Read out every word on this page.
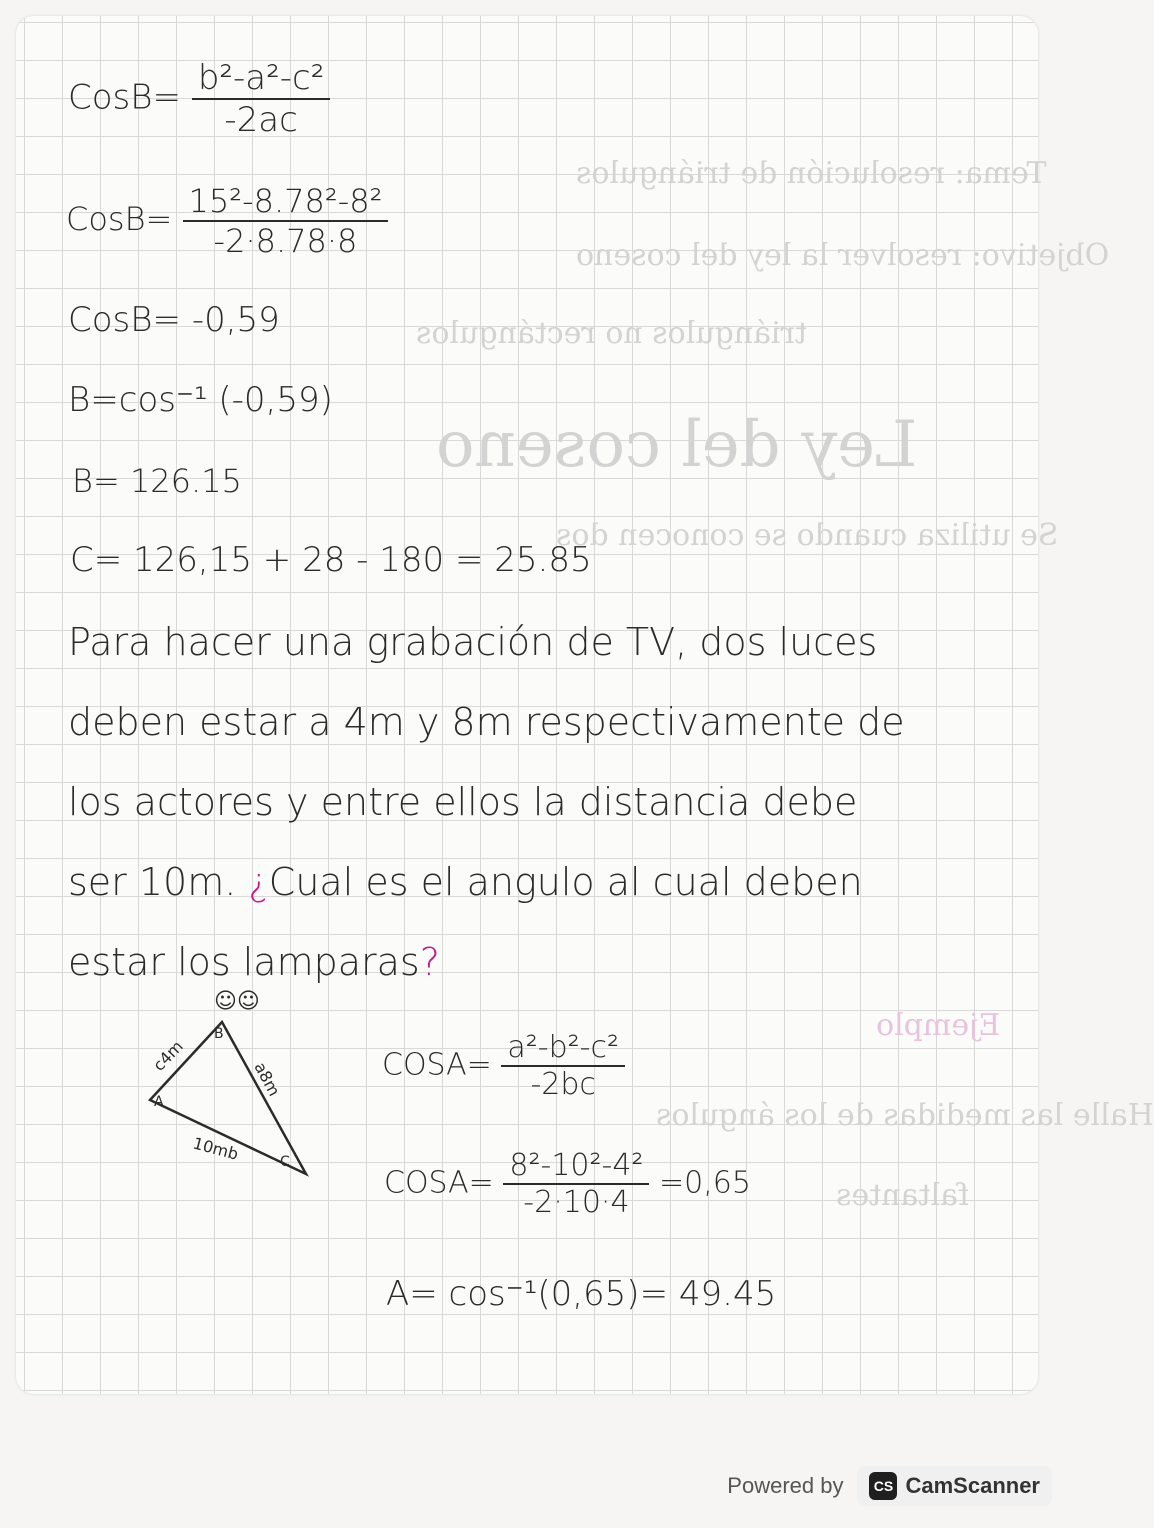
Ley del coseno
Tema: resolución de triángulos
Objetivo: resolver la ley del coseno
triángulos no rectángulos
Se utiliza cuando se conocen dos
Halle las medidas de los ángulos
faltantes
Ejemplo
CosB= $\frac{\text{b²-a²-c²}}{-2ac}$
CosB= $\frac{\text{15²-8.78²-8²}}{-2\cdot 8.78\cdot 8}$
CosB= -0,59
B=cos⁻¹ (-0,59)
B= 126.15
C= 126,15 + 28 - 180 = 25.85
Para hacer una grabación de TV, dos luces
deben estar a 4m y 8m respectivamente de
los actores y entre ellos la distancia debe
ser 10m. ¿Cual es el angulo al cual deben
estar los lamparas?
☺☺
B
A
C
c4m
a8m
10mb
COSA= $\frac{\text{a²-b²-c²}}{-2bc}$
COSA= $\frac{\text{8²-10²-4²}}{-2\cdot 10\cdot 4} =0,65$
A= cos⁻¹(0,65)= 49.45
Powered by	CS CamScanner
